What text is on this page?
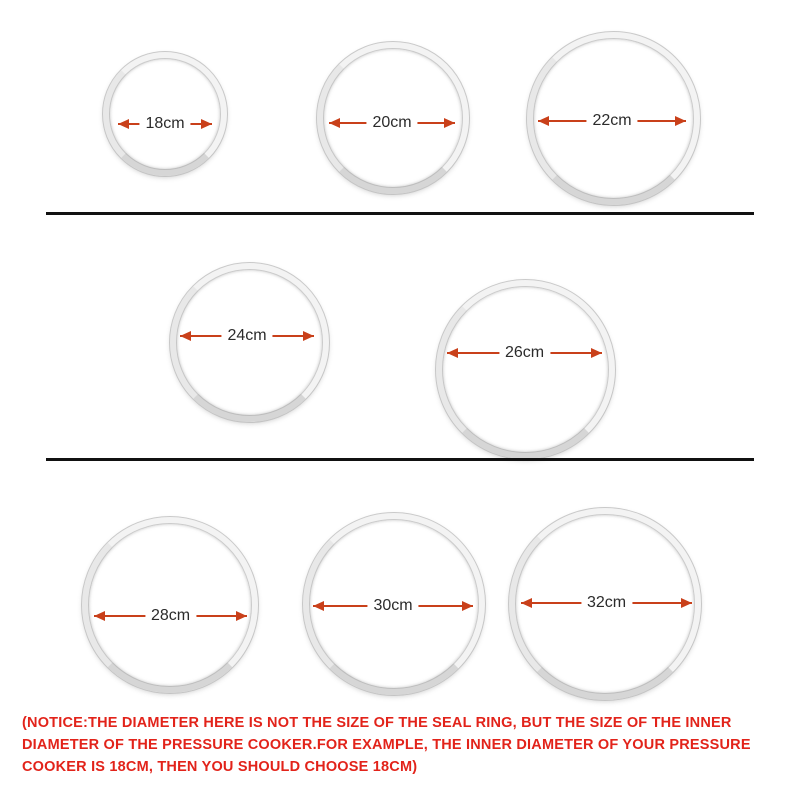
18cm	20cm	22cm
24cm
26cm
28cm
30cm	32cm
(NOTICE:THE DIAMETER HERE IS NOT THE SIZE OF THE SEAL RING, BUT THE SIZE OF THE INNER DIAMETER OF THE PRESSURE COOKER.FOR EXAMPLE, THE INNER DIAMETER OF YOUR PRESSURE COOKER IS 18CM, THEN YOU SHOULD CHOOSE 18CM)
